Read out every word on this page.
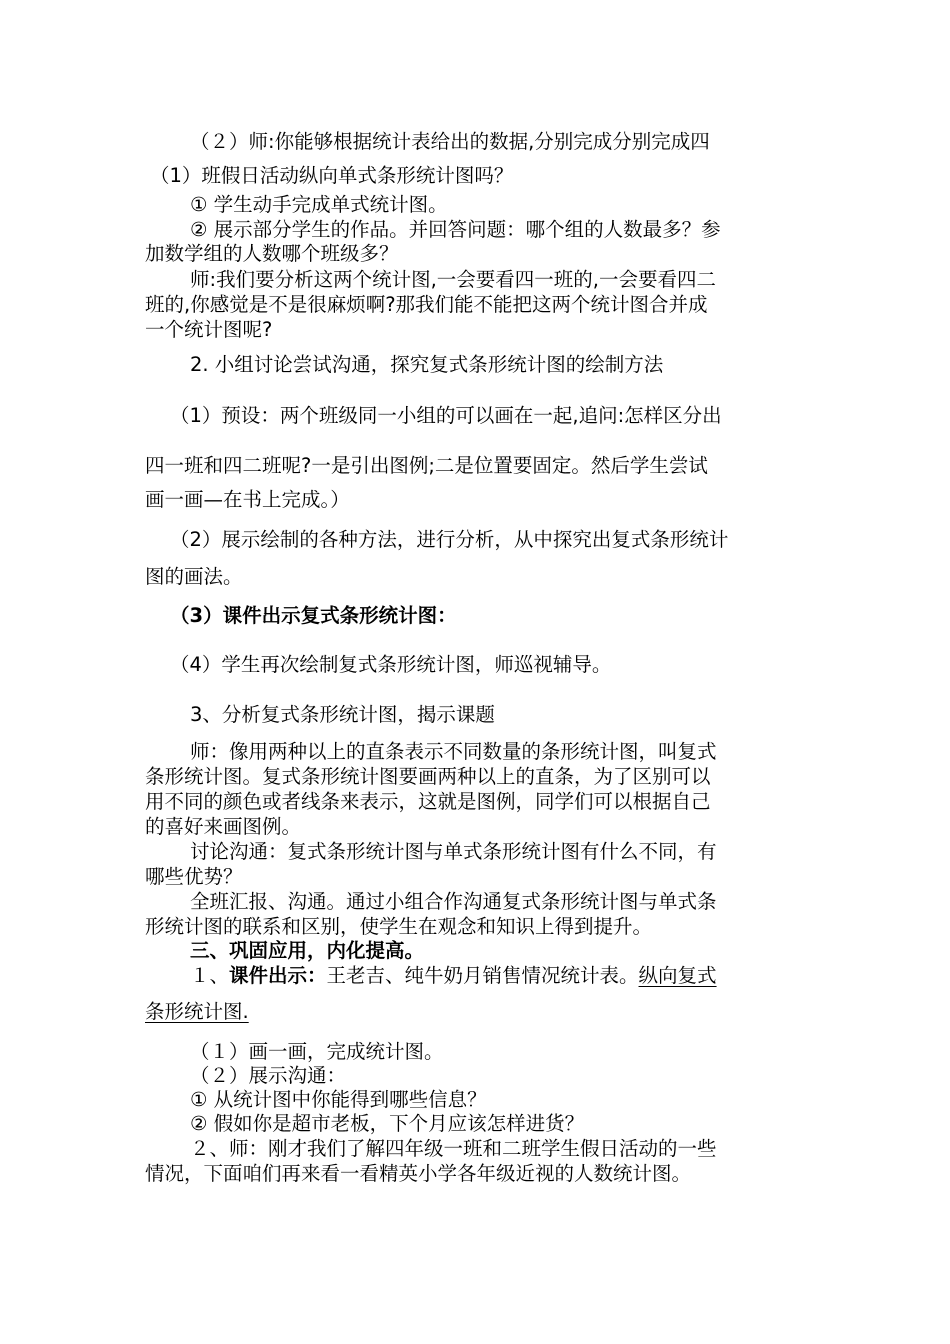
（２）师:你能够根据统计表给出的数据,分别完成分别完成四
（1）班假日活动纵向单式条形统计图吗？
① 学生动手完成单式统计图。
② 展示部分学生的作品。并回答问题：哪个组的人数最多？参
加数学组的人数哪个班级多？
师:我们要分析这两个统计图,一会要看四一班的,一会要看四二
班的,你感觉是不是很麻烦啊?那我们能不能把这两个统计图合并成
一个统计图呢?
2. 小组讨论尝试沟通，探究复式条形统计图的绘制方法
（1）预设：两个班级同一小组的可以画在一起,追问:怎样区分出
四一班和四二班呢?一是引出图例;二是位置要固定。然后学生尝试
画一画—在书上完成。）
（2）展示绘制的各种方法，进行分析，从中探究出复式条形统计
图的画法。
（3）课件出示复式条形统计图：
（4）学生再次绘制复式条形统计图，师巡视辅导。
3、分析复式条形统计图，揭示课题
师：像用两种以上的直条表示不同数量的条形统计图，叫复式
条形统计图。复式条形统计图要画两种以上的直条，为了区别可以
用不同的颜色或者线条来表示，这就是图例，同学们可以根据自己
的喜好来画图例。
讨论沟通：复式条形统计图与单式条形统计图有什么不同，有
哪些优势？
全班汇报、沟通。通过小组合作沟通复式条形统计图与单式条
形统计图的联系和区别，使学生在观念和知识上得到提升。
三、巩固应用，内化提高。
１、课件出示：王老吉、纯牛奶月销售情况统计表。纵向复式
条形统计图.
（１）画一画，完成统计图。
（２）展示沟通：
① 从统计图中你能得到哪些信息？
② 假如你是超市老板，下个月应该怎样进货？
２、师：刚才我们了解四年级一班和二班学生假日活动的一些
情况，下面咱们再来看一看精英小学各年级近视的人数统计图。
